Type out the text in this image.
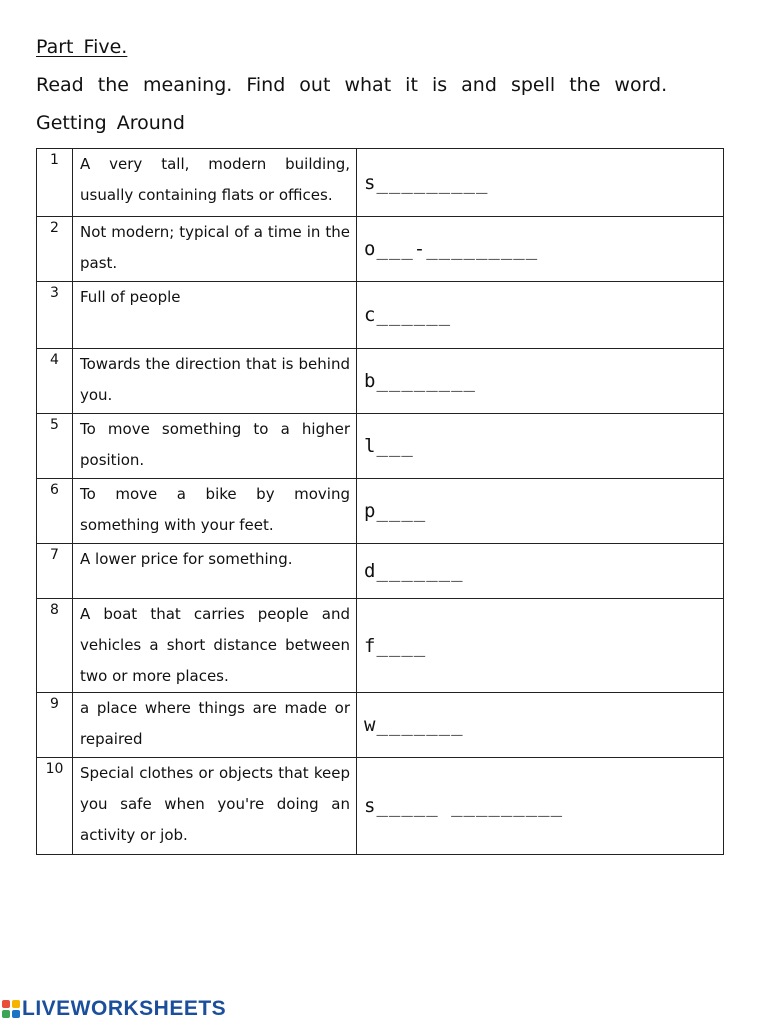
Part Five.
Read the meaning. Find out what it is and spell the word.
Getting Around
1	A very tall, modern building, usually containing flats or offices.	s_________
2	Not modern; typical of a time in the past.	o___-_________
3	Full of people	c______
4	Towards the direction that is behind you.	b________
5	To move something to a higher position.	l___
6	To move a bike by moving something with your feet.	p____
7	A lower price for something.	d_______
8	A boat that carries people and vehicles a short distance between two or more places.	f____
9	a place where things are made or repaired	w_______
10	Special clothes or objects that keep you safe when you're doing an activity or job.	s_____ _________
LIVEWORKSHEETS
